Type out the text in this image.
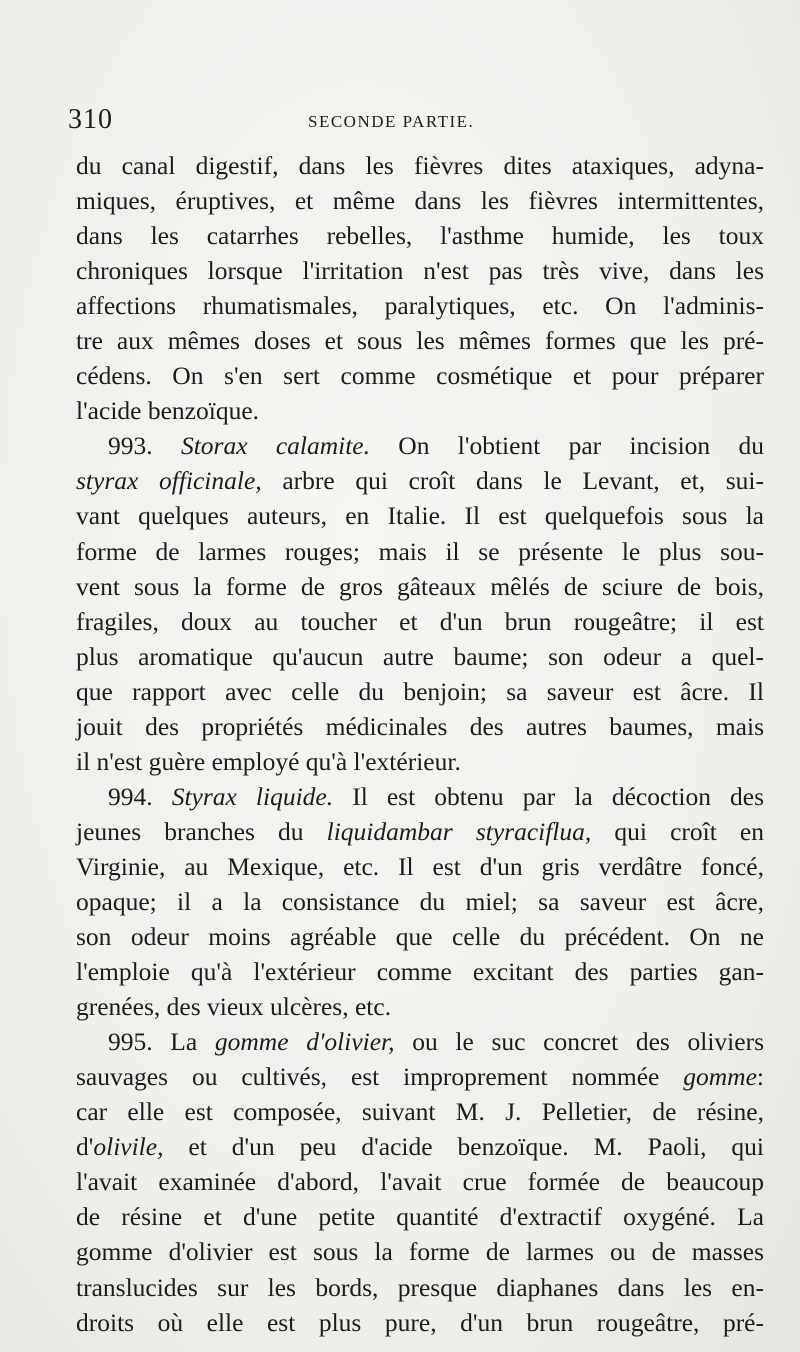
310	SECONDE PARTIE.
du canal digestif, dans les fièvres dites ataxiques, adyna-
miques, éruptives, et même dans les fièvres intermittentes,
dans les catarrhes rebelles, l'asthme humide, les toux
chroniques lorsque l'irritation n'est pas très vive, dans les
affections rhumatismales, paralytiques, etc. On l'adminis-
tre aux mêmes doses et sous les mêmes formes que les pré-
cédens. On s'en sert comme cosmétique et pour préparer
l'acide benzoïque.
993. Storax calamite. On l'obtient par incision du
styrax officinale, arbre qui croît dans le Levant, et, sui-
vant quelques auteurs, en Italie. Il est quelquefois sous la
forme de larmes rouges; mais il se présente le plus sou-
vent sous la forme de gros gâteaux mêlés de sciure de bois,
fragiles, doux au toucher et d'un brun rougeâtre; il est
plus aromatique qu'aucun autre baume; son odeur a quel-
que rapport avec celle du benjoin; sa saveur est âcre. Il
jouit des propriétés médicinales des autres baumes, mais
il n'est guère employé qu'à l'extérieur.
994. Styrax liquide. Il est obtenu par la décoction des
jeunes branches du liquidambar styraciflua, qui croît en
Virginie, au Mexique, etc. Il est d'un gris verdâtre foncé,
opaque; il a la consistance du miel; sa saveur est âcre,
son odeur moins agréable que celle du précédent. On ne
l'emploie qu'à l'extérieur comme excitant des parties gan-
grenées, des vieux ulcères, etc.
995. La gomme d'olivier, ou le suc concret des oliviers
sauvages ou cultivés, est improprement nommée gomme:
car elle est composée, suivant M. J. Pelletier, de résine,
d'olivile, et d'un peu d'acide benzoïque. M. Paoli, qui
l'avait examinée d'abord, l'avait crue formée de beaucoup
de résine et d'une petite quantité d'extractif oxygéné. La
gomme d'olivier est sous la forme de larmes ou de masses
translucides sur les bords, presque diaphanes dans les en-
droits où elle est plus pure, d'un brun rougeâtre, pré-
